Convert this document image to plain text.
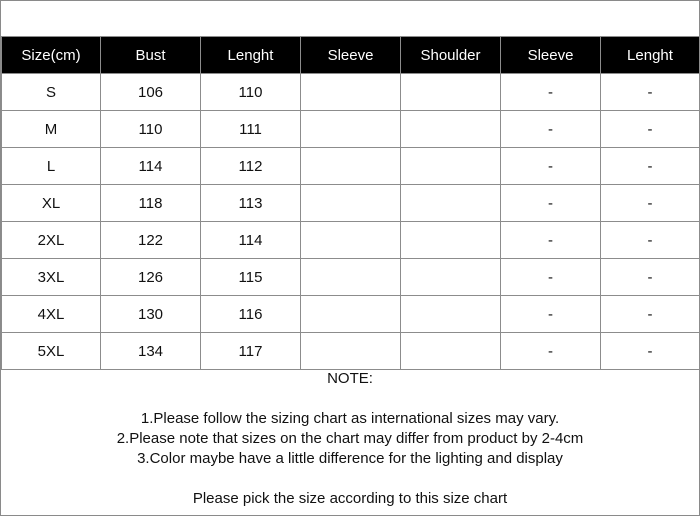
Size(cm)	Bust	Lenght	Sleeve	Shoulder	Sleeve	Lenght
S	106	110			-	-
M	110	111			-	-
L	114	112			-	-
XL	118	113			-	-
2XL	122	114			-	-
3XL	126	115			-	-
4XL	130	116			-	-
5XL	134	117			-	-
NOTE:
1.Please follow the sizing chart as international sizes may vary.
2.Please note that sizes on the chart may differ from product by 2-4cm
3.Color maybe have a little difference for the lighting and display
Please pick the size according to this size chart
